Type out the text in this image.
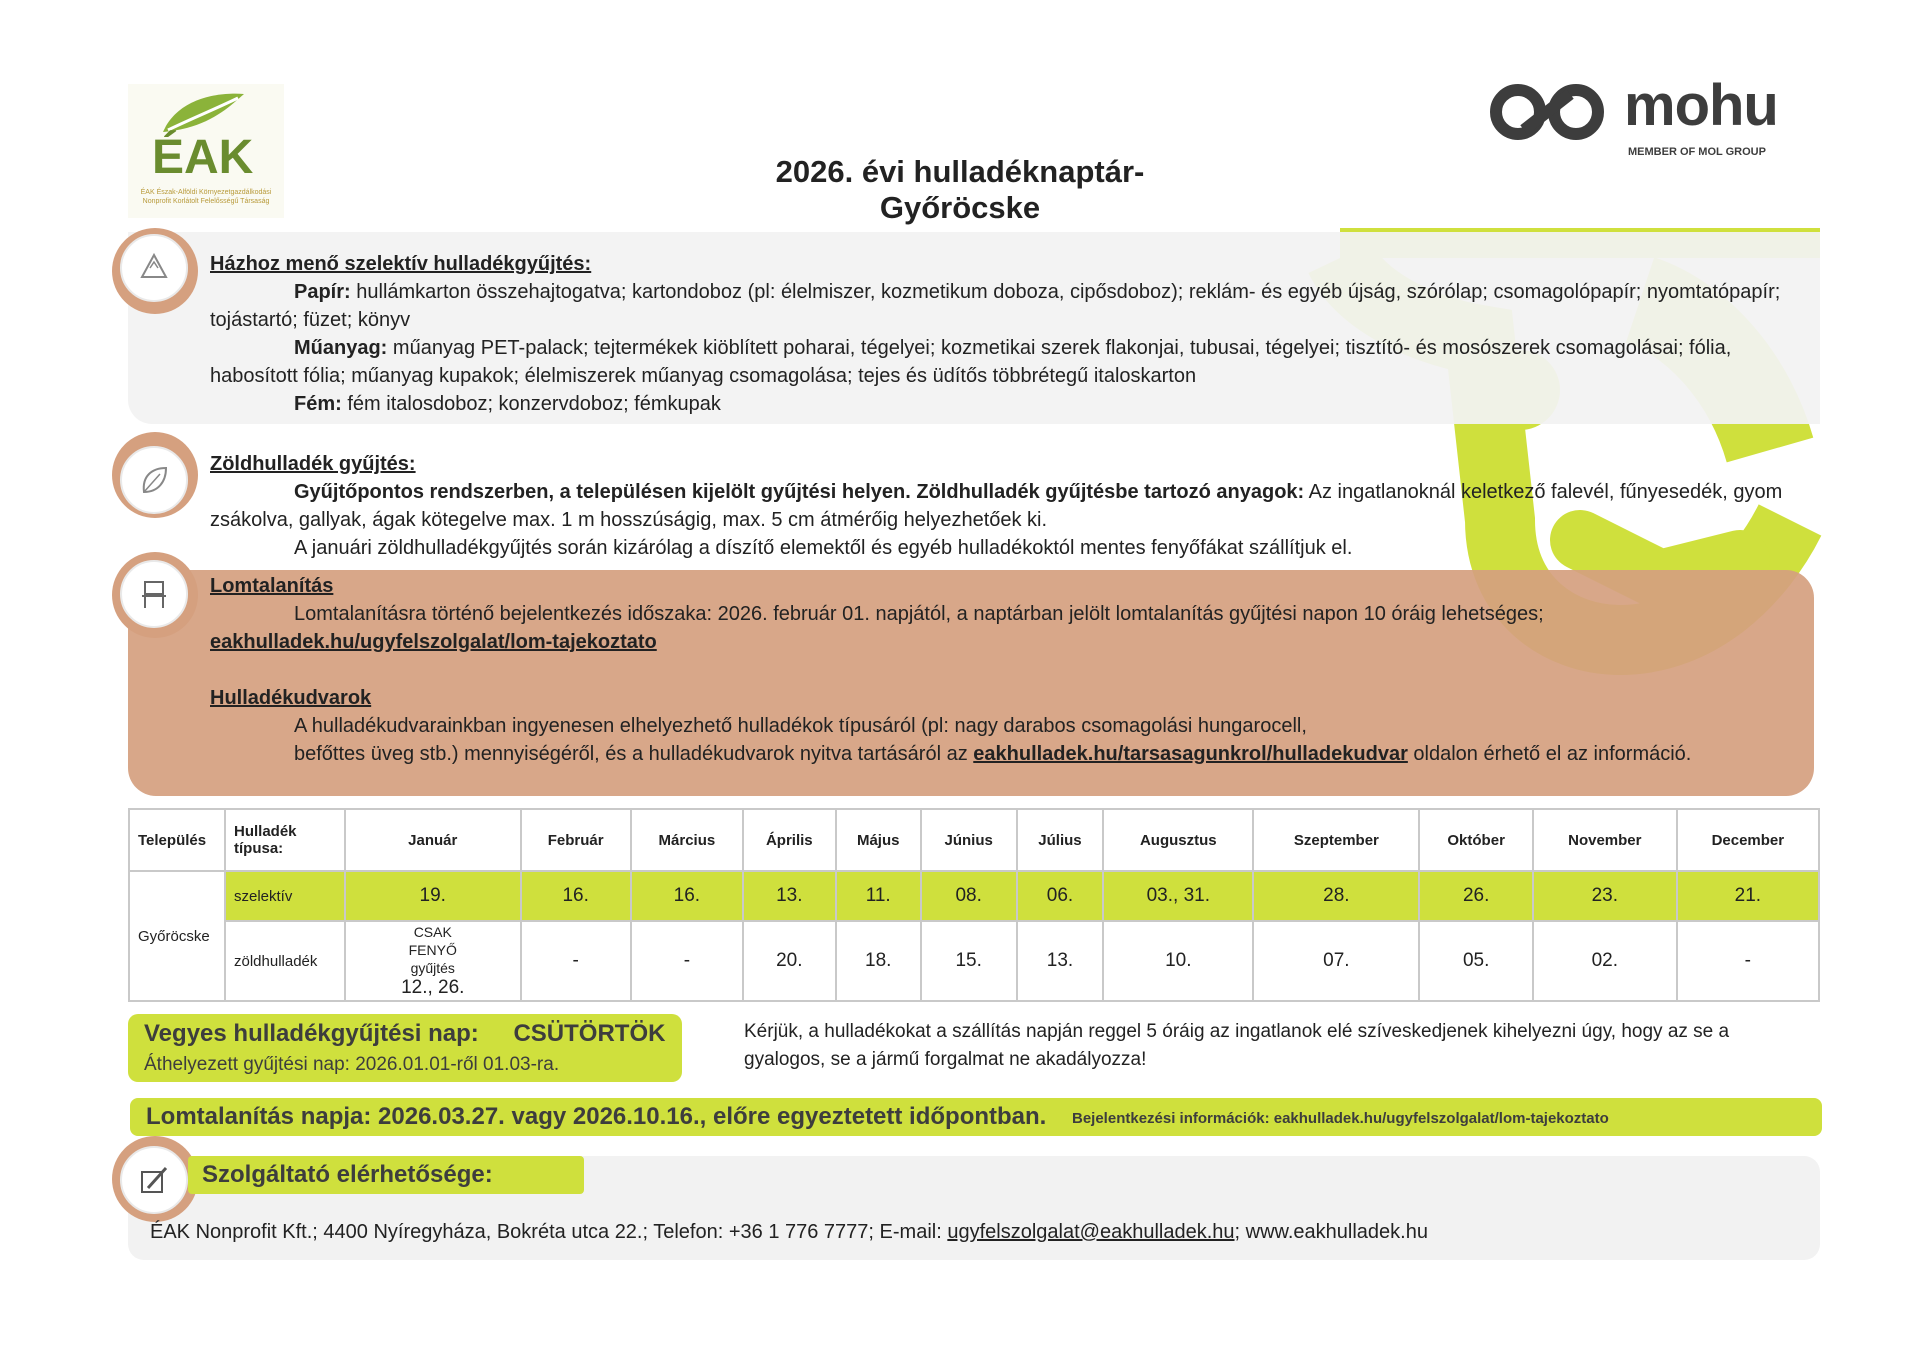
ÉAK
ÉAK Észak-Alföldi Környezetgazdálkodási Nonprofit Korlátolt Felelősségű Társaság
2026. évi hulladéknaptár- Győröcske
mohu
MEMBER OF MOL GROUP
Házhoz menő szelektív hulladékgyűjtés:
Papír: hullámkarton összehajtogatva; kartondoboz (pl: élelmiszer, kozmetikum doboza, cipősdoboz); reklám- és egyéb újság, szórólap; csomagolópapír; nyomtatópapír; tojástartó; füzet; könyv
Műanyag: műanyag PET-palack; tejtermékek kiöblített poharai, tégelyei; kozmetikai szerek flakonjai, tubusai, tégelyei; tisztító- és mosószerek csomagolásai; fólia, habosított fólia; műanyag kupakok; élelmiszerek műanyag csomagolása; tejes és üdítős többrétegű italoskarton
Fém: fém italosdoboz; konzervdoboz; fémkupak
Zöldhulladék gyűjtés:
Gyűjtőpontos rendszerben, a településen kijelölt gyűjtési helyen. Zöldhulladék gyűjtésbe tartozó anyagok: Az ingatlanoknál keletkező falevél, fűnyesedék, gyom zsákolva, gallyak, ágak kötegelve max. 1 m hosszúságig, max. 5 cm átmérőig helyezhetőek ki.
A januári zöldhulladékgyűjtés során kizárólag a díszítő elemektől és egyéb hulladékoktól mentes fenyőfákat szállítjuk el.
Lomtalanítás
Lomtalanításra történő bejelentkezés időszaka: 2026. február 01. napjától, a naptárban jelölt lomtalanítás gyűjtési napon 10 óráig lehetséges;
eakhulladek.hu/ugyfelszolgalat/lom-tajekoztato
Hulladékudvarok
A hulladékudvarainkban ingyenesen elhelyezhető hulladékok típusáról (pl: nagy darabos csomagolási hungarocell,
befőttes üveg stb.) mennyiségéről, és a hulladékudvarok nyitva tartásáról az eakhulladek.hu/tarsasagunkrol/hulladekudvar oldalon érhető el az információ.
Település	Hulladék típusa:	Január	Február	Március	Április	Május	Június	Július	Augusztus	Szeptember	Október	November	December
Győröcske	szelektív	19.	16.	16.	13.	11.	08.	06.	03., 31.	28.	26.	23.	21.
	zöldhulladék	CSAK FENYŐ gyűjtés
12., 26.	-	-	20.	18.	15.	13.	10.	07.	05.	02.	-
Vegyes hulladékgyűjtési nap: CSÜTÖRTÖK
Áthelyezett gyűjtési nap: 2026.01.01-ről 01.03-ra.
Kérjük, a hulladékokat a szállítás napján reggel 5 óráig az ingatlanok elé szíveskedjenek kihelyezni úgy, hogy az se a gyalogos, se a jármű forgalmat ne akadályozza!
Lomtalanítás napja: 2026.03.27. vagy 2026.10.16., előre egyeztetett időpontban. Bejelentkezési információk: eakhulladek.hu/ugyfelszolgalat/lom-tajekoztato
Szolgáltató elérhetősége:
ÉAK Nonprofit Kft.; 4400 Nyíregyháza, Bokréta utca 22.; Telefon: +36 1 776 7777; E-mail: ugyfelszolgalat@eakhulladek.hu; www.eakhulladek.hu
